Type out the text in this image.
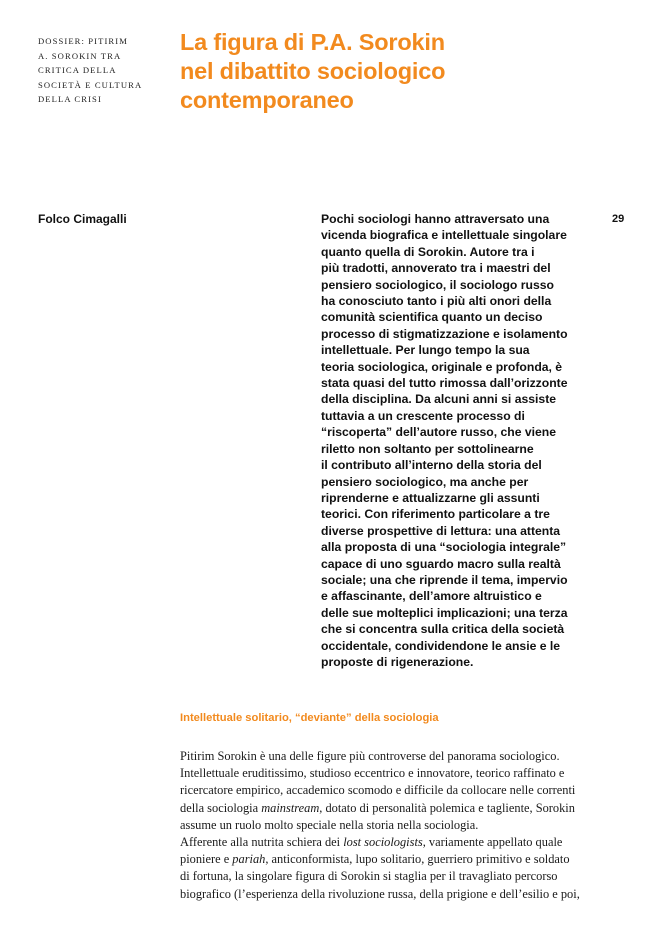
DOSSIER: PITIRIM
A. SOROKIN TRA
CRITICA DELLA
SOCIETÀ E CULTURA
DELLA CRISI
La figura di P.A. Sorokin
nel dibattito sociologico
contemporaneo
Folco Cimagalli	29
Pochi sociologi hanno attraversato una
vicenda biografica e intellettuale singolare
quanto quella di Sorokin. Autore tra i
più tradotti, annoverato tra i maestri del
pensiero sociologico, il sociologo russo
ha conosciuto tanto i più alti onori della
comunità scientifica quanto un deciso
processo di stigmatizzazione e isolamento
intellettuale. Per lungo tempo la sua
teoria sociologica, originale e profonda, è
stata quasi del tutto rimossa dall’orizzonte
della disciplina. Da alcuni anni si assiste
tuttavia a un crescente processo di
“riscoperta” dell’autore russo, che viene
riletto non soltanto per sottolinearne
il contributo all’interno della storia del
pensiero sociologico, ma anche per
riprenderne e attualizzarne gli assunti
teorici. Con riferimento particolare a tre
diverse prospettive di lettura: una attenta
alla proposta di una “sociologia integrale”
capace di uno sguardo macro sulla realtà
sociale; una che riprende il tema, impervio
e affascinante, dell’amore altruistico e
delle sue molteplici implicazioni; una terza
che si concentra sulla critica della società
occidentale, condividendone le ansie e le
proposte di rigenerazione.
Intellettuale solitario, “deviante” della sociologia
Pitirim Sorokin è una delle figure più controverse del panorama sociologico.
Intellettuale eruditissimo, studioso eccentrico e innovatore, teorico raffinato e
ricercatore empirico, accademico scomodo e difficile da collocare nelle correnti
della sociologia mainstream, dotato di personalità polemica e tagliente, Sorokin
assume un ruolo molto speciale nella storia nella sociologia.
Afferente alla nutrita schiera dei lost sociologists, variamente appellato quale
pioniere e pariah, anticonformista, lupo solitario, guerriero primitivo e soldato
di fortuna, la singolare figura di Sorokin si staglia per il travagliato percorso
biografico (l’esperienza della rivoluzione russa, della prigione e dell’esilio e poi,
